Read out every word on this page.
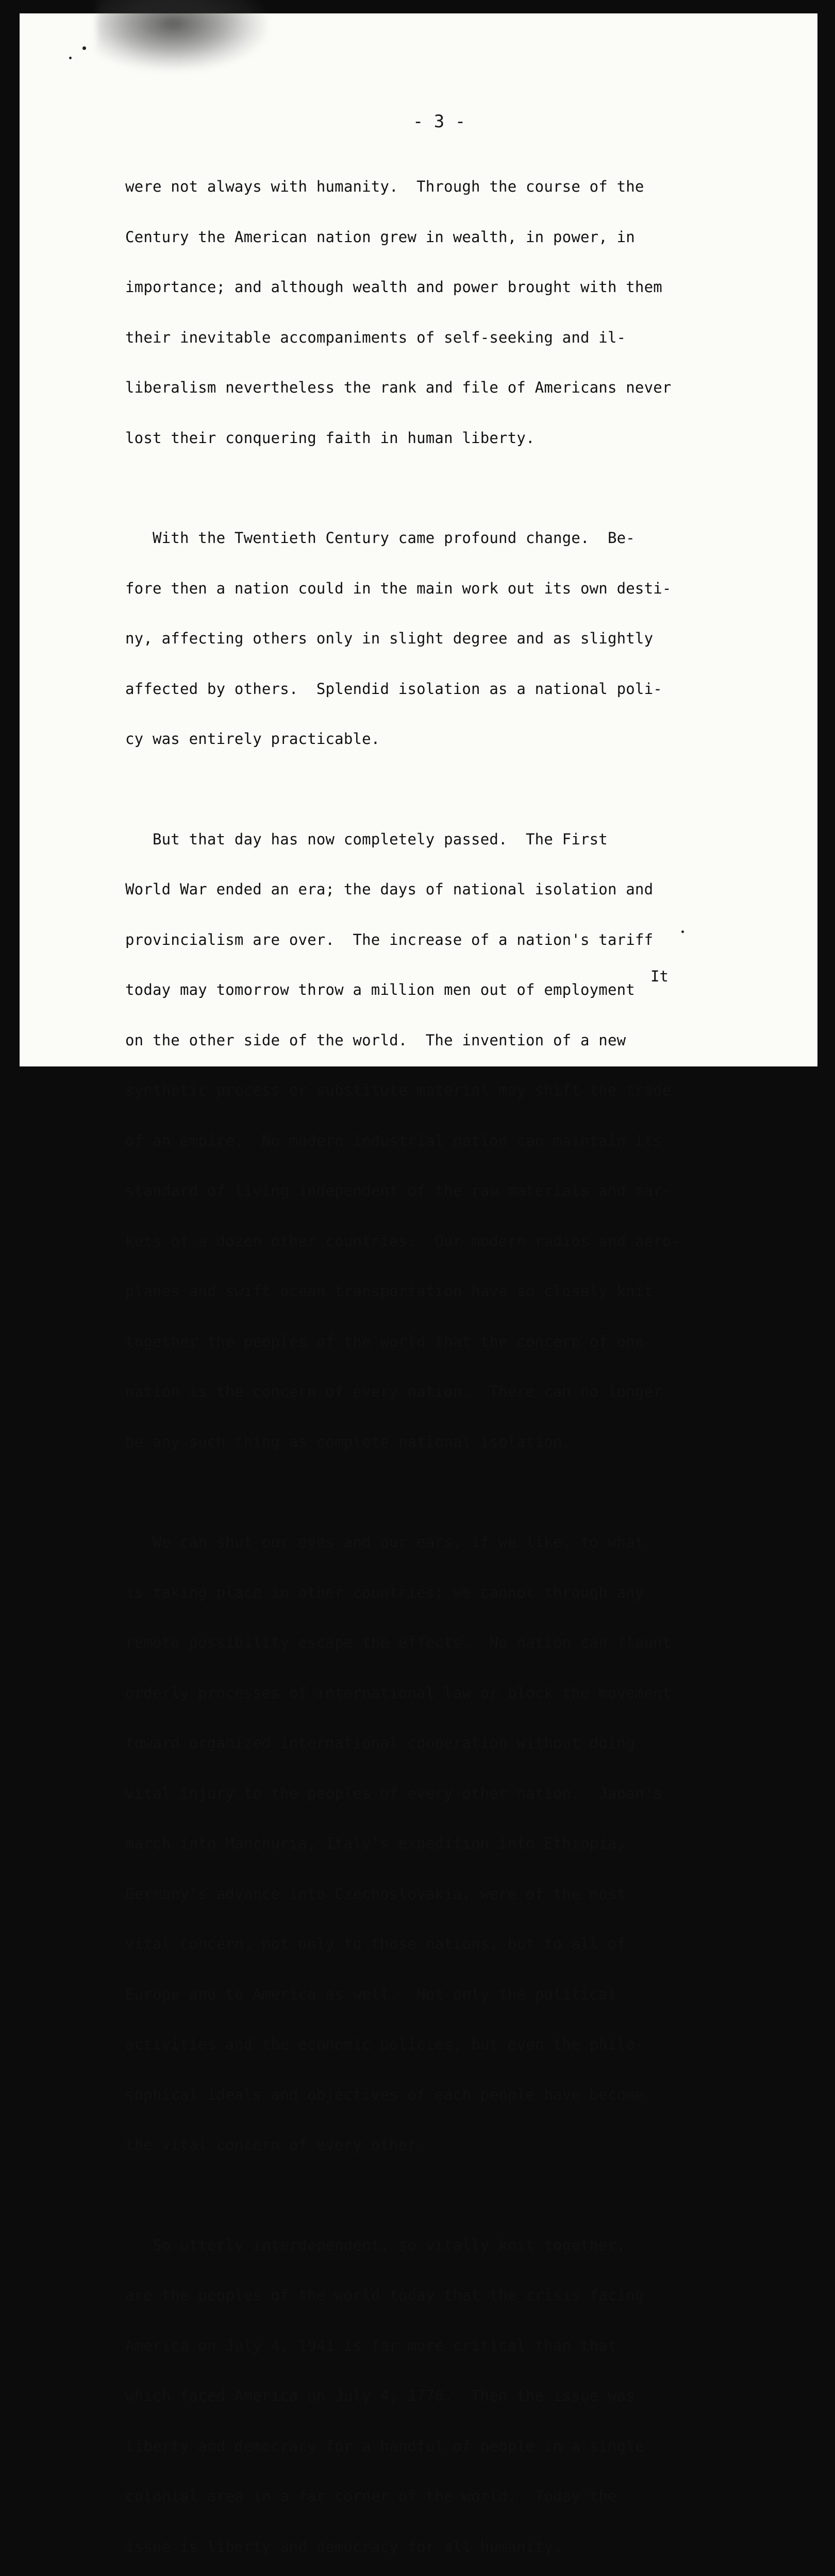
- 3 -

were not always with humanity.  Through the course of the

Century the American nation grew in wealth, in power, in

importance; and although wealth and power brought with them

their inevitable accompaniments of self-seeking and il-

liberalism nevertheless the rank and file of Americans never

lost their conquering faith in human liberty.

With the Twentieth Century came profound change.  Be-

fore then a nation could in the main work out its own desti-

ny, affecting others only in slight degree and as slightly

affected by others.  Splendid isolation as a national poli-

cy was entirely practicable.

But that day has now completely passed.  The First

World War ended an era; the days of national isolation and

provincialism are over.  The increase of a nation's tariff

today may tomorrow throw a million men out of employment

on the other side of the world.  The invention of a new

synthetic process or substitute material may shift the trade

of an empire.  No modern industrial nation can maintain its

standard of living independent of the raw materials and mar-

kets of a dozen other countries.  Our modern radios and aero-

planes and swift ocean transportation have so closely knit

together the peoples of the world that the concern of one

nation is the concern of every nation.  There can no longer

be any such thing as complete national isolation.

We can shut our eyes and our ears, if we like, to what

is taking place in other countries; we cannot through any

remote possibility escape the effects.  No nation can flaunt

orderly processes of international law or block the movement

toward organized international cooperation without doing

vital injury to the peoples of every other nation.  Japan's

march into Manchuria, Italy's expedition into Ethiopia,

Germany's advance into Czechoslovakia, were of the most

vital concern, not only to those nations, but to all of

Europe and to America as well.  Not only the political

activities and the economic policies, but even the philo-

sophical ideals and objectives of each people have become

the vital concern of every other.

So utterly interdependent, so vitally knit together,

are the peoples of the world today that the crisis facing

America on July 4, 1941 is far more critical than that

which faced America on July 4, 1776.  Then the issue was

liberty and democracy for a handful of people in a single

colonial area in a far corner of the world.  Today the

issue is liberty and democracy for all humanity.

It
